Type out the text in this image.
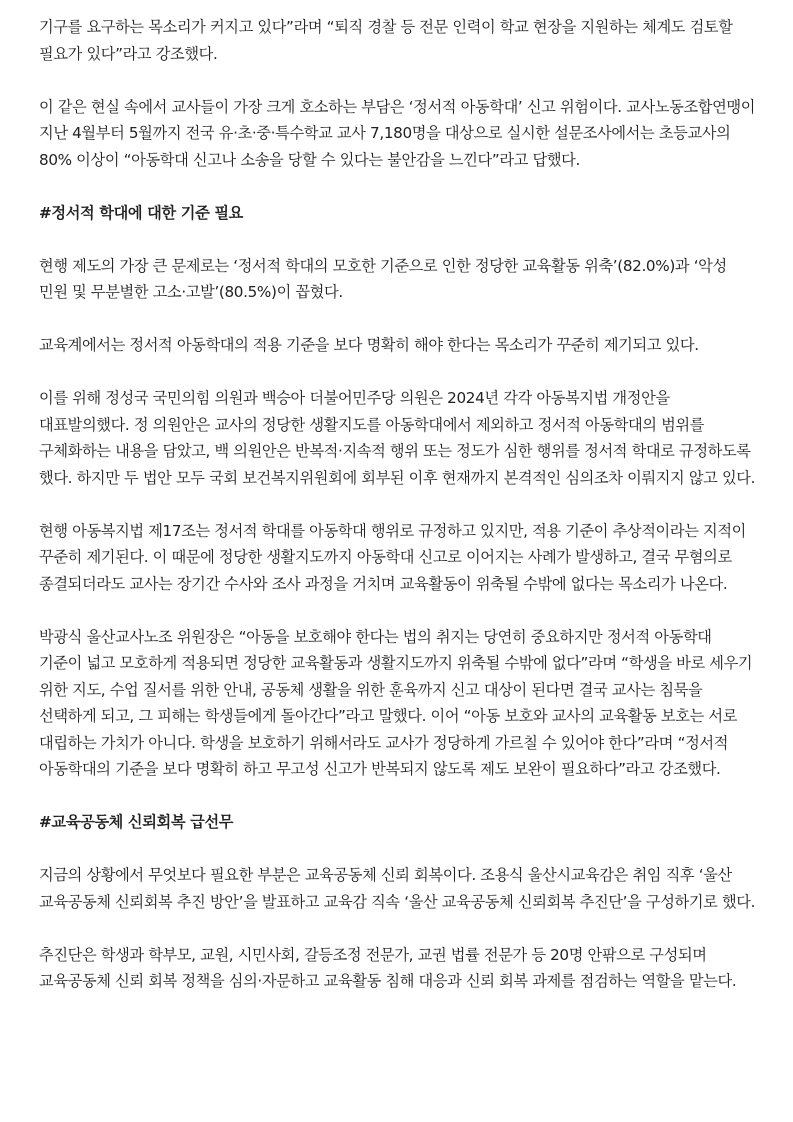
기구를 요구하는 목소리가 커지고 있다”라며 “퇴직 경찰 등 전문 인력이 학교 현장을 지원하는 체계도 검토할 필요가 있다”라고 강조했다.

이 같은 현실 속에서 교사들이 가장 크게 호소하는 부담은 ‘정서적 아동학대’ 신고 위험이다. 교사노동조합연맹이 지난 4월부터 5월까지 전국 유·초·중·특수학교 교사 7,180명을 대상으로 실시한 설문조사에서는 초등교사의 80% 이상이 “아동학대 신고나 소송을 당할 수 있다는 불안감을 느낀다”라고 답했다.

#정서적 학대에 대한 기준 필요

현행 제도의 가장 큰 문제로는 ‘정서적 학대의 모호한 기준으로 인한 정당한 교육활동 위축’(82.0%)과 ‘악성 민원 및 무분별한 고소·고발’(80.5%)이 꼽혔다.

교육계에서는 정서적 아동학대의 적용 기준을 보다 명확히 해야 한다는 목소리가 꾸준히 제기되고 있다.

이를 위해 정성국 국민의힘 의원과 백승아 더불어민주당 의원은 2024년 각각 아동복지법 개정안을 대표발의했다. 정 의원안은 교사의 정당한 생활지도를 아동학대에서 제외하고 정서적 아동학대의 범위를 구체화하는 내용을 담았고, 백 의원안은 반복적·지속적 행위 또는 정도가 심한 행위를 정서적 학대로 규정하도록 했다. 하지만 두 법안 모두 국회 보건복지위원회에 회부된 이후 현재까지 본격적인 심의조차 이뤄지지 않고 있다.

현행 아동복지법 제17조는 정서적 학대를 아동학대 행위로 규정하고 있지만, 적용 기준이 추상적이라는 지적이 꾸준히 제기된다. 이 때문에 정당한 생활지도까지 아동학대 신고로 이어지는 사례가 발생하고, 결국 무혐의로 종결되더라도 교사는 장기간 수사와 조사 과정을 거치며 교육활동이 위축될 수밖에 없다는 목소리가 나온다.

박광식 울산교사노조 위원장은 “아동을 보호해야 한다는 법의 취지는 당연히 중요하지만 정서적 아동학대 기준이 넓고 모호하게 적용되면 정당한 교육활동과 생활지도까지 위축될 수밖에 없다”라며 “학생을 바로 세우기 위한 지도, 수업 질서를 위한 안내, 공동체 생활을 위한 훈육까지 신고 대상이 된다면 결국 교사는 침묵을 선택하게 되고, 그 피해는 학생들에게 돌아간다”라고 말했다. 이어 “아동 보호와 교사의 교육활동 보호는 서로 대립하는 가치가 아니다. 학생을 보호하기 위해서라도 교사가 정당하게 가르칠 수 있어야 한다”라며 “정서적 아동학대의 기준을 보다 명확히 하고 무고성 신고가 반복되지 않도록 제도 보완이 필요하다”라고 강조했다.

#교육공동체 신뢰회복 급선무

지금의 상황에서 무엇보다 필요한 부분은 교육공동체 신뢰 회복이다. 조용식 울산시교육감은 취임 직후 ‘울산 교육공동체 신뢰회복 추진 방안’을 발표하고 교육감 직속 ‘울산 교육공동체 신뢰회복 추진단’을 구성하기로 했다.

추진단은 학생과 학부모, 교원, 시민사회, 갈등조정 전문가, 교권 법률 전문가 등 20명 안팎으로 구성되며 교육공동체 신뢰 회복 정책을 심의·자문하고 교육활동 침해 대응과 신뢰 회복 과제를 점검하는 역할을 맡는다.
